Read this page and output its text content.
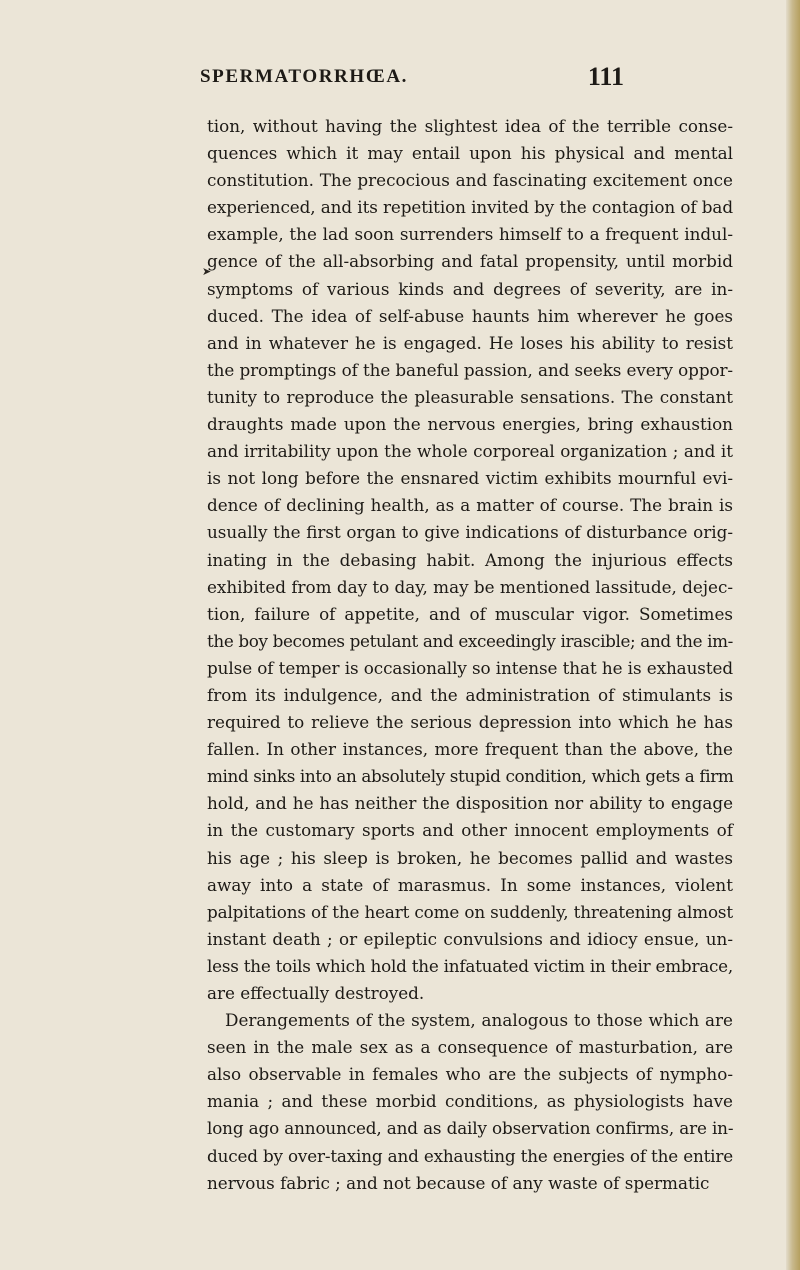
SPERMATORRHŒA.	111
➤
tion, without having the slightest idea of the terrible conse-
quences which it may entail upon his physical and mental
constitution. The precocious and fascinating excitement once
experienced, and its repetition invited by the contagion of bad
example, the lad soon surrenders himself to a frequent indul-
gence of the all-absorbing and fatal propensity, until morbid
symptoms of various kinds and degrees of severity, are in-
duced. The idea of self-abuse haunts him wherever he goes
and in whatever he is engaged. He loses his ability to resist
the promptings of the baneful passion, and seeks every oppor-
tunity to reproduce the pleasurable sensations. The constant
draughts made upon the nervous energies, bring exhaustion
and irritability upon the whole corporeal organization ; and it
is not long before the ensnared victim exhibits mournful evi-
dence of declining health, as a matter of course. The brain is
usually the first organ to give indications of disturbance orig-
inating in the debasing habit. Among the injurious effects
exhibited from day to day, may be mentioned lassitude, dejec-
tion, failure of appetite, and of muscular vigor. Sometimes
the boy becomes petulant and exceedingly irascible; and the im-
pulse of temper is occasionally so intense that he is exhausted
from its indulgence, and the administration of stimulants is
required to relieve the serious depression into which he has
fallen. In other instances, more frequent than the above, the
mind sinks into an absolutely stupid condition, which gets a firm
hold, and he has neither the disposition nor ability to engage
in the customary sports and other innocent employments of
his age ; his sleep is broken, he becomes pallid and wastes
away into a state of marasmus. In some instances, violent
palpitations of the heart come on suddenly, threatening almost
instant death ; or epileptic convulsions and idiocy ensue, un-
less the toils which hold the infatuated victim in their embrace,
are effectually destroyed.
Derangements of the system, analogous to those which are
seen in the male sex as a consequence of masturbation, are
also observable in females who are the subjects of nympho-
mania ; and these morbid conditions, as physiologists have
long ago announced, and as daily observation confirms, are in-
duced by over-taxing and exhausting the energies of the entire
nervous fabric ; and not because of any waste of spermatic
